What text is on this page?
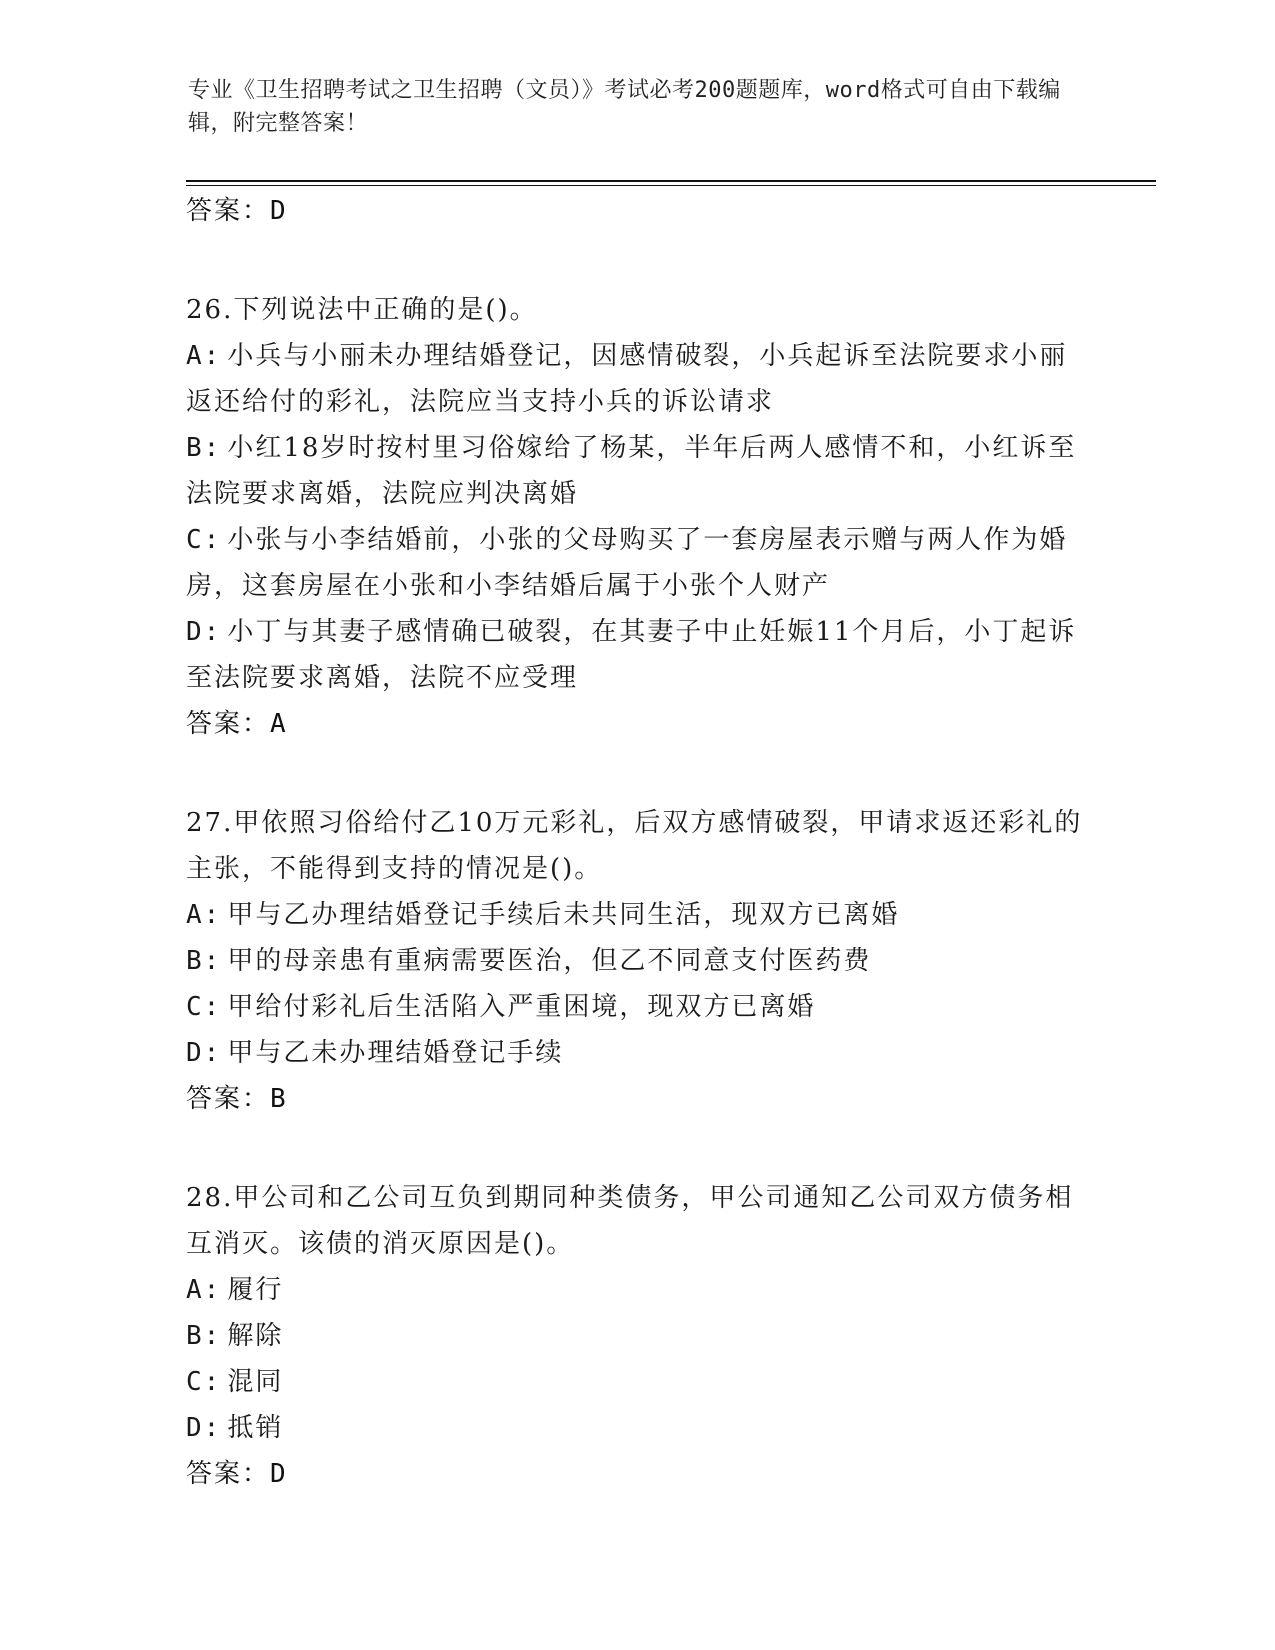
专业《卫生招聘考试之卫生招聘（文员）》考试必考200题题库，word格式可自由下载编辑，附完整答案！

答案：D

26.下列说法中正确的是()。

A: 小兵与小丽未办理结婚登记，因感情破裂，小兵起诉至法院要求小丽返还给付的彩礼，法院应当支持小兵的诉讼请求

B: 小红18岁时按村里习俗嫁给了杨某，半年后两人感情不和，小红诉至法院要求离婚，法院应判决离婚

C: 小张与小李结婚前，小张的父母购买了一套房屋表示赠与两人作为婚房，这套房屋在小张和小李结婚后属于小张个人财产

D: 小丁与其妻子感情确已破裂，在其妻子中止妊娠11个月后，小丁起诉至法院要求离婚，法院不应受理

答案：A

27.甲依照习俗给付乙10万元彩礼，后双方感情破裂，甲请求返还彩礼的主张，不能得到支持的情况是()。

A: 甲与乙办理结婚登记手续后未共同生活，现双方已离婚

B: 甲的母亲患有重病需要医治，但乙不同意支付医药费

C: 甲给付彩礼后生活陷入严重困境，现双方已离婚

D: 甲与乙未办理结婚登记手续

答案：B

28.甲公司和乙公司互负到期同种类债务，甲公司通知乙公司双方债务相互消灭。该债的消灭原因是()。

A: 履行

B: 解除

C: 混同

D: 抵销

答案：D
